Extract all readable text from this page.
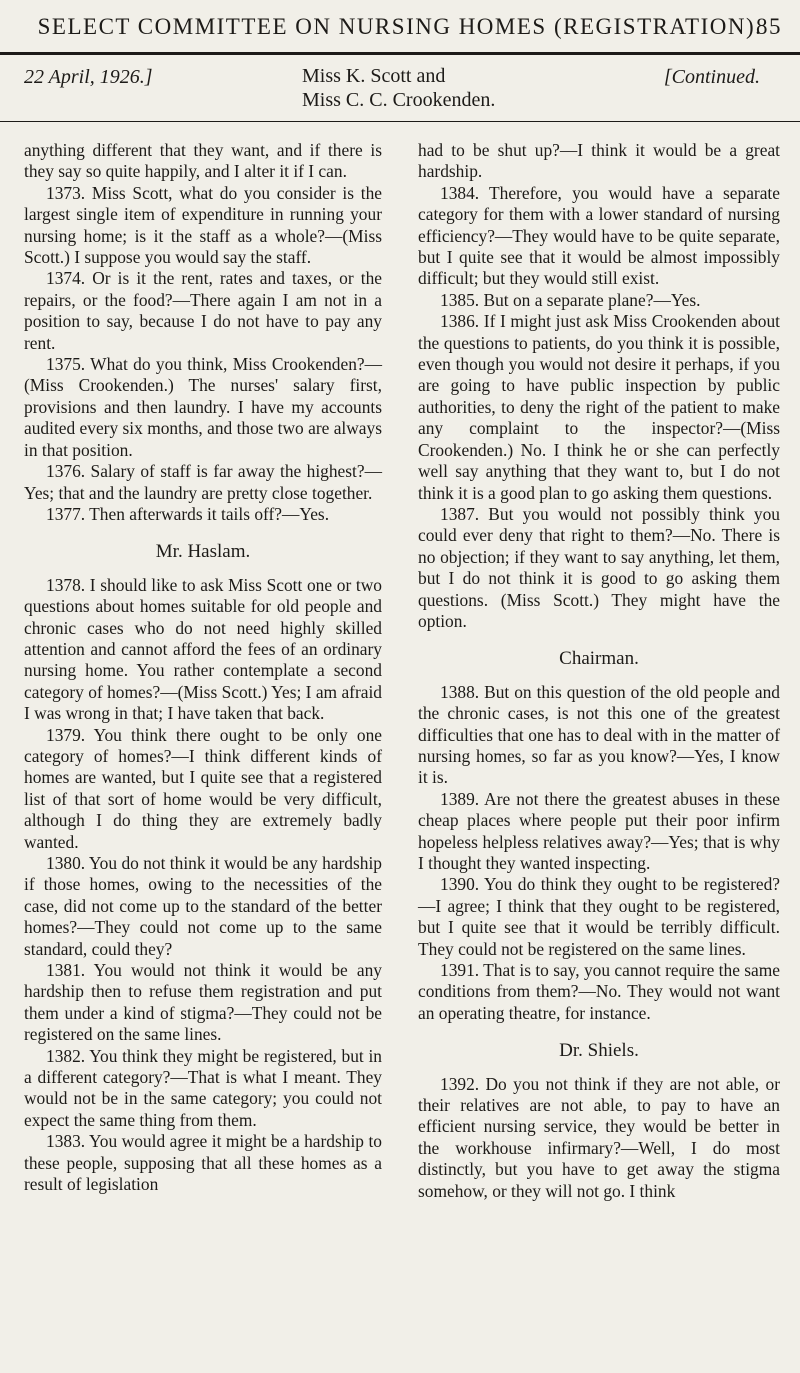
SELECT COMMITTEE ON NURSING HOMES (REGISTRATION).
85
22 April, 1926.]	Miss K. Scott and
Miss C. C. Crookenden.
[Continued.

anything different that they want, and if there is they say so quite happily, and I alter it if I can.

1373. Miss Scott, what do you consider is the largest single item of expenditure in running your nursing home; is it the staff as a whole?—(Miss Scott.) I suppose you would say the staff.

1374. Or is it the rent, rates and taxes, or the repairs, or the food?—There again I am not in a position to say, because I do not have to pay any rent.

1375. What do you think, Miss Crookenden?—(Miss Crookenden.) The nurses' salary first, provisions and then laundry. I have my accounts audited every six months, and those two are always in that position.

1376. Salary of staff is far away the highest?—Yes; that and the laundry are pretty close together.

1377. Then afterwards it tails off?—Yes.

Mr. Haslam.

1378. I should like to ask Miss Scott one or two questions about homes suitable for old people and chronic cases who do not need highly skilled attention and cannot afford the fees of an ordinary nursing home. You rather contemplate a second category of homes?—(Miss Scott.) Yes; I am afraid I was wrong in that; I have taken that back.

1379. You think there ought to be only one category of homes?—I think different kinds of homes are wanted, but I quite see that a registered list of that sort of home would be very difficult, although I do thing they are extremely badly wanted.

1380. You do not think it would be any hardship if those homes, owing to the necessities of the case, did not come up to the standard of the better homes?—They could not come up to the same standard, could they?

1381. You would not think it would be any hardship then to refuse them registration and put them under a kind of stigma?—They could not be registered on the same lines.

1382. You think they might be registered, but in a different category?—That is what I meant. They would not be in the same category; you could not expect the same thing from them.

1383. You would agree it might be a hardship to these people, supposing that all these homes as a result of legislation

had to be shut up?—I think it would be a great hardship.

1384. Therefore, you would have a separate category for them with a lower standard of nursing efficiency?—They would have to be quite separate, but I quite see that it would be almost impossibly difficult; but they would still exist.

1385. But on a separate plane?—Yes.

1386. If I might just ask Miss Crookenden about the questions to patients, do you think it is possible, even though you would not desire it perhaps, if you are going to have public inspection by public authorities, to deny the right of the patient to make any complaint to the inspector?—(Miss Crookenden.) No. I think he or she can perfectly well say anything that they want to, but I do not think it is a good plan to go asking them questions.

1387. But you would not possibly think you could ever deny that right to them?—No. There is no objection; if they want to say anything, let them, but I do not think it is good to go asking them questions. (Miss Scott.) They might have the option.

Chairman.

1388. But on this question of the old people and the chronic cases, is not this one of the greatest difficulties that one has to deal with in the matter of nursing homes, so far as you know?—Yes, I know it is.

1389. Are not there the greatest abuses in these cheap places where people put their poor infirm hopeless helpless relatives away?—Yes; that is why I thought they wanted inspecting.

1390. You do think they ought to be registered?—I agree; I think that they ought to be registered, but I quite see that it would be terribly difficult. They could not be registered on the same lines.

1391. That is to say, you cannot require the same conditions from them?—No. They would not want an operating theatre, for instance.

Dr. Shiels.

1392. Do you not think if they are not able, or their relatives are not able, to pay to have an efficient nursing service, they would be better in the workhouse infirmary?—Well, I do most distinctly, but you have to get away the stigma somehow, or they will not go. I think
